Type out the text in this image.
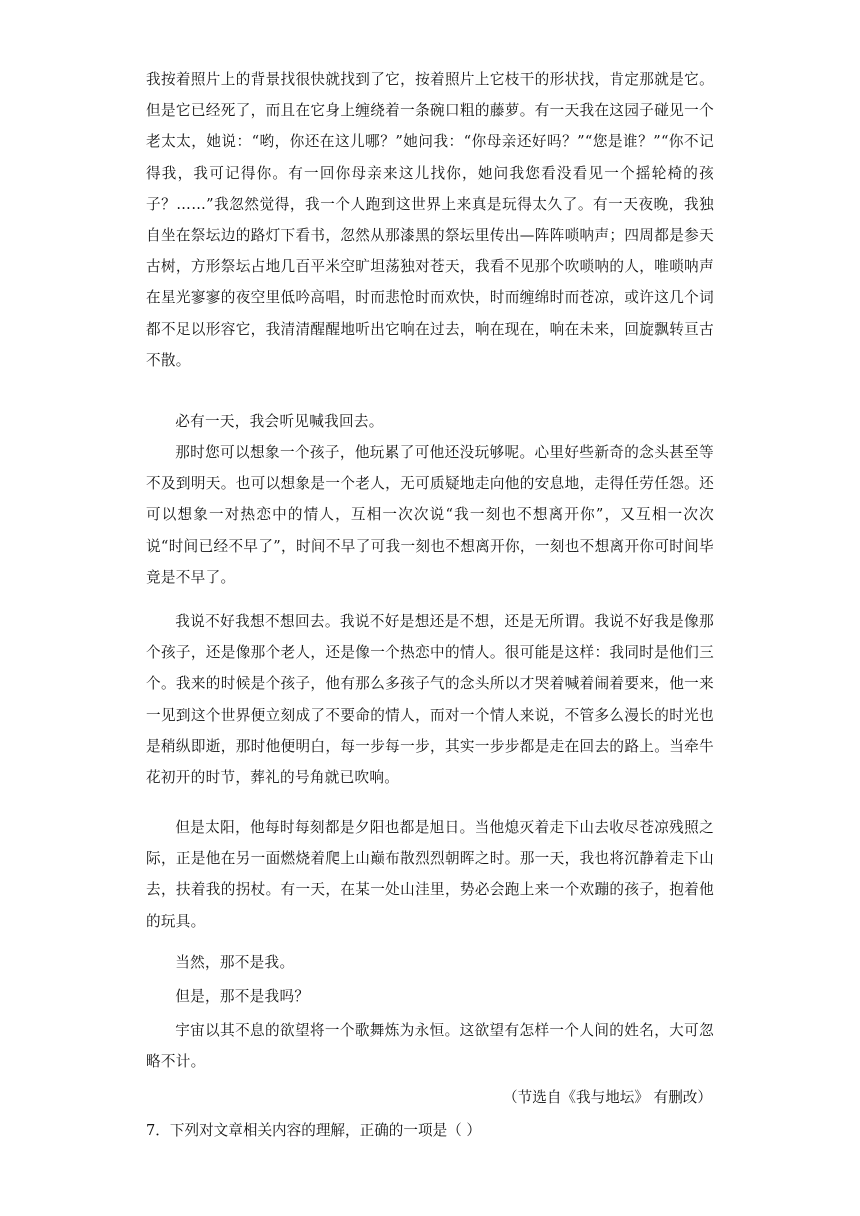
我按着照片上的背景找很快就找到了它，按着照片上它枝干的形状找，肯定那就是它。但是它已经死了，而且在它身上缠绕着一条碗口粗的藤萝。有一天我在这园子碰见一个老太太，她说：“哟，你还在这儿哪？”她问我：“你母亲还好吗？”“您是谁？”“你不记得我，我可记得你。有一回你母亲来这儿找你，她问我您看没看见一个摇轮椅的孩子？……”我忽然觉得，我一个人跑到这世界上来真是玩得太久了。有一天夜晚，我独自坐在祭坛边的路灯下看书，忽然从那漆黑的祭坛里传出—阵阵唢呐声；四周都是参天古树，方形祭坛占地几百平米空旷坦荡独对苍天，我看不见那个吹唢呐的人，唯唢呐声在星光寥寥的夜空里低吟高唱，时而悲怆时而欢快，时而缠绵时而苍凉，或许这几个词都不足以形容它，我清清醒醒地听出它响在过去，响在现在，响在未来，回旋飘转亘古不散。

必有一天，我会听见喊我回去。

那时您可以想象一个孩子，他玩累了可他还没玩够呢。心里好些新奇的念头甚至等不及到明天。也可以想象是一个老人，无可质疑地走向他的安息地，走得任劳任怨。还可以想象一对热恋中的情人，互相一次次说“我一刻也不想离开你”，又互相一次次说“时间已经不早了”，时间不早了可我一刻也不想离开你，一刻也不想离开你可时间毕竟是不早了。

我说不好我想不想回去。我说不好是想还是不想，还是无所谓。我说不好我是像那个孩子，还是像那个老人，还是像一个热恋中的情人。很可能是这样：我同时是他们三个。我来的时候是个孩子，他有那么多孩子气的念头所以才哭着喊着闹着要来，他一来一见到这个世界便立刻成了不要命的情人，而对一个情人来说，不管多么漫长的时光也是稍纵即逝，那时他便明白，每一步每一步，其实一步步都是走在回去的路上。当牵牛花初开的时节，葬礼的号角就已吹响。

但是太阳，他每时每刻都是夕阳也都是旭日。当他熄灭着走下山去收尽苍凉残照之际，正是他在另一面燃烧着爬上山巅布散烈烈朝晖之时。那一天，我也将沉静着走下山去，扶着我的拐杖。有一天，在某一处山洼里，势必会跑上来一个欢蹦的孩子，抱着他的玩具。

当然，那不是我。

但是，那不是我吗？

宇宙以其不息的欲望将一个歌舞炼为永恒。这欲望有怎样一个人间的姓名，大可忽略不计。

（节选自《我与地坛》 有删改）
7．下列对文章相关内容的理解，正确的一项是（ ）
